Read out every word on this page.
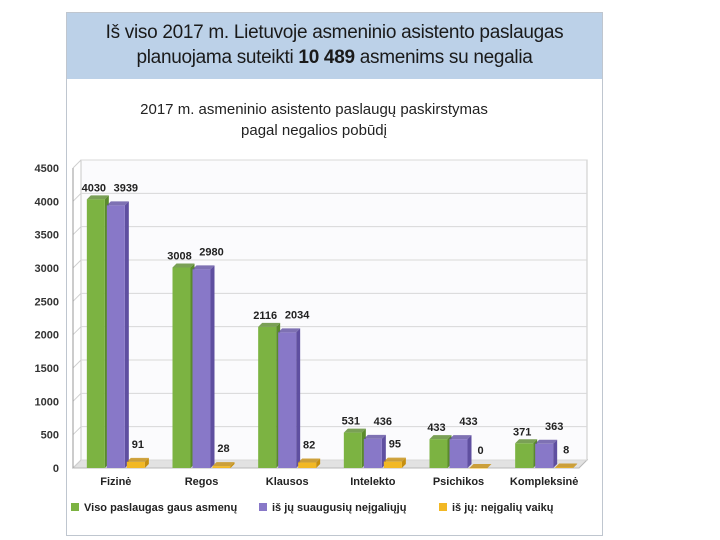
Iš viso 2017 m. Lietuvoje asmeninio asistento paslaugas
planuojama suteikti 10 489 asmenims su negalia
2017 m. asmeninio asistento paslaugų paskirstymas
pagal negalios pobūdį
0
500
1000
1500
2000
2500
3000
3500
4000
4500
4030 3939
91
Fizinė
3008 2980
28
Regos
2116 2034
82
Klausos
531 436
95
Intelekto
433 433
0
Psichikos
371 363
8
Kompleksinė
Viso paslaugas gaus asmenų	iš jų suaugusių neįgaliųjų	iš jų: neįgalių vaikų
